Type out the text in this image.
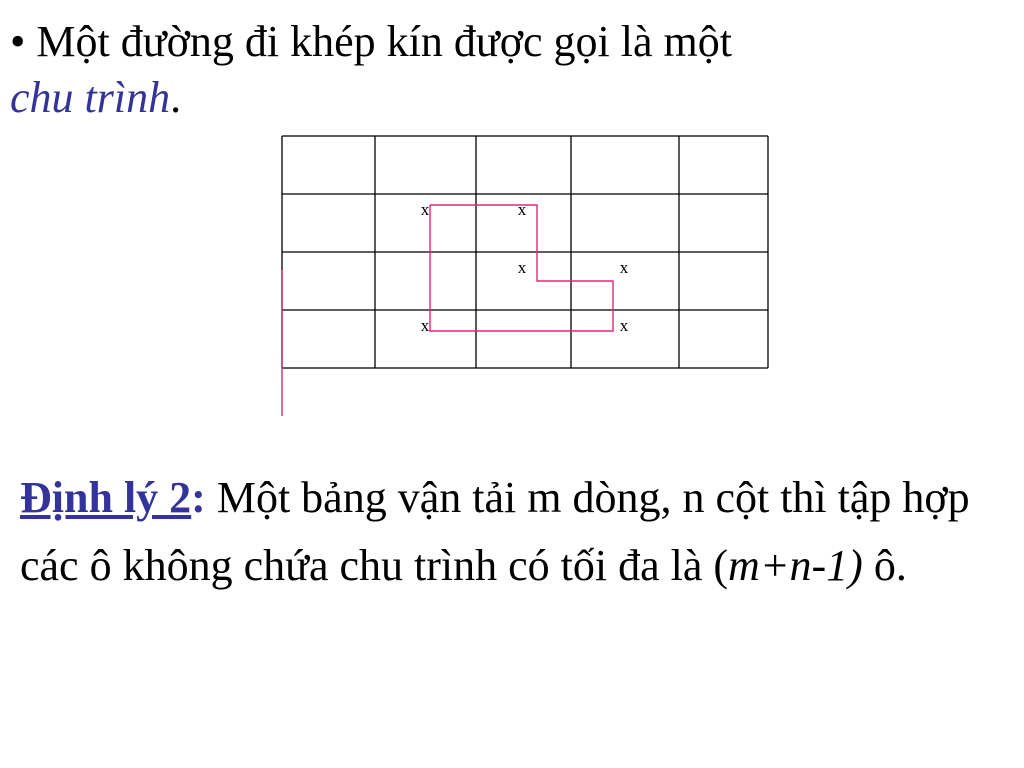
• Một đường đi khép kín được gọi là một
chu trình.
x	x
x	x
x	x
Định lý 2: Một bảng vận tải m dòng, n cột thì tập hợp các ô không chứa chu trình có tối đa là (m+n-1) ô.
